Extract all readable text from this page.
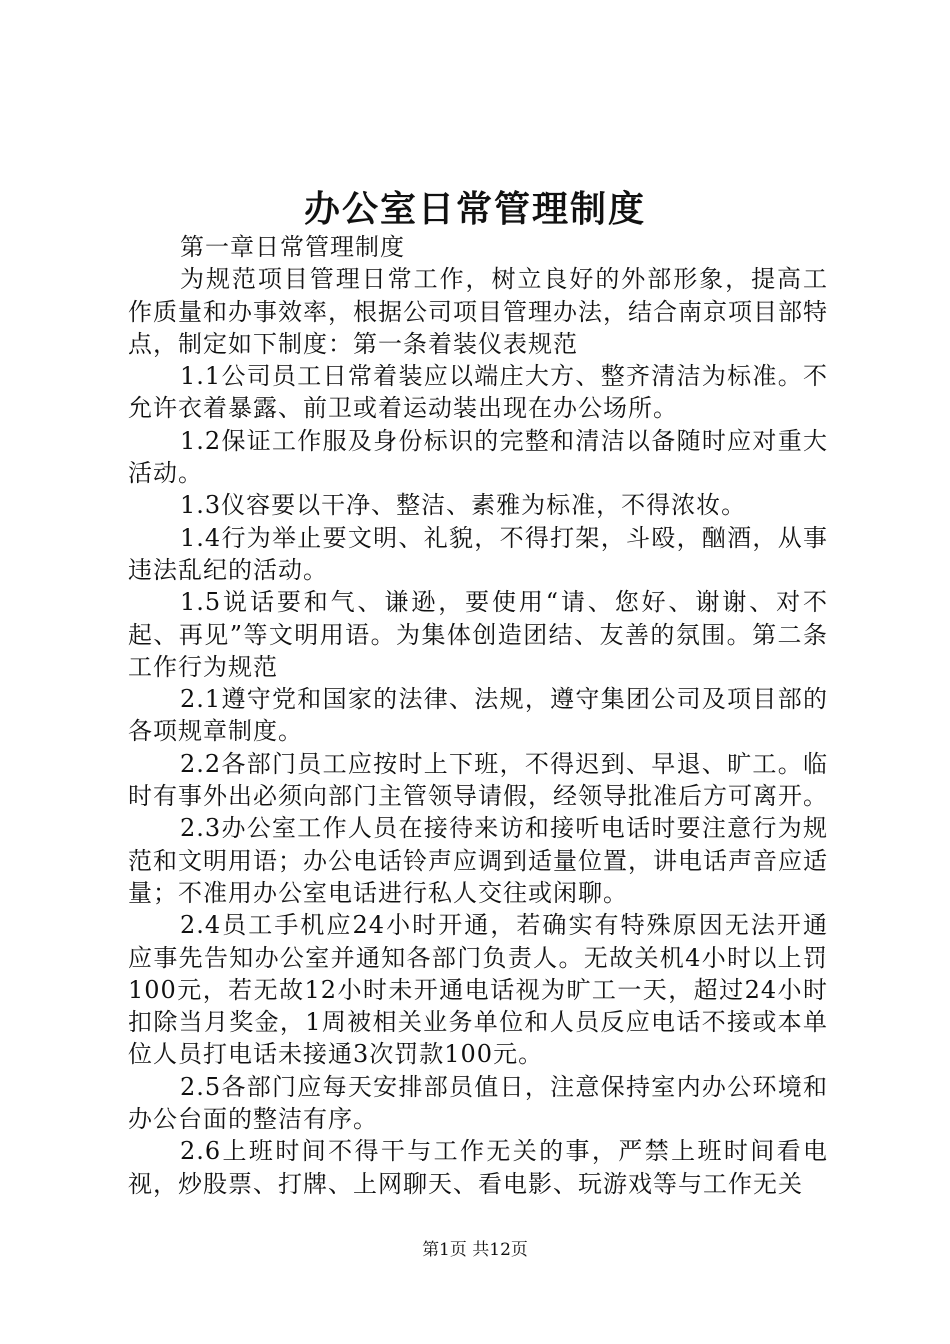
办公室日常管理制度

第一章日常管理制度

为规范项目管理日常工作，树立良好的外部形象，提高工作质量和办事效率，根据公司项目管理办法，结合南京项目部特点，制定如下制度：第一条着装仪表规范

1.1公司员工日常着装应以端庄大方、整齐清洁为标准。不允许衣着暴露、前卫或着运动装出现在办公场所。

1.2保证工作服及身份标识的完整和清洁以备随时应对重大活动。

1.3仪容要以干净、整洁、素雅为标准，不得浓妆。

1.4行为举止要文明、礼貌，不得打架，斗殴，酗酒，从事违法乱纪的活动。

1.5说话要和气、谦逊，要使用“请、您好、谢谢、对不起、再见”等文明用语。为集体创造团结、友善的氛围。第二条工作行为规范

2.1遵守党和国家的法律、法规，遵守集团公司及项目部的各项规章制度。

2.2各部门员工应按时上下班，不得迟到、早退、旷工。临时有事外出必须向部门主管领导请假，经领导批准后方可离开。

2.3办公室工作人员在接待来访和接听电话时要注意行为规范和文明用语；办公电话铃声应调到适量位置，讲电话声音应适量；不准用办公室电话进行私人交往或闲聊。

2.4员工手机应24小时开通，若确实有特殊原因无法开通应事先告知办公室并通知各部门负责人。无故关机4小时以上罚100元，若无故12小时未开通电话视为旷工一天，超过24小时扣除当月奖金，1周被相关业务单位和人员反应电话不接或本单位人员打电话未接通3次罚款100元。

2.5各部门应每天安排部员值日，注意保持室内办公环境和办公台面的整洁有序。

2.6上班时间不得干与工作无关的事，严禁上班时间看电视，炒股票、打牌、上网聊天、看电影、玩游戏等与工作无关

第1页 共12页
